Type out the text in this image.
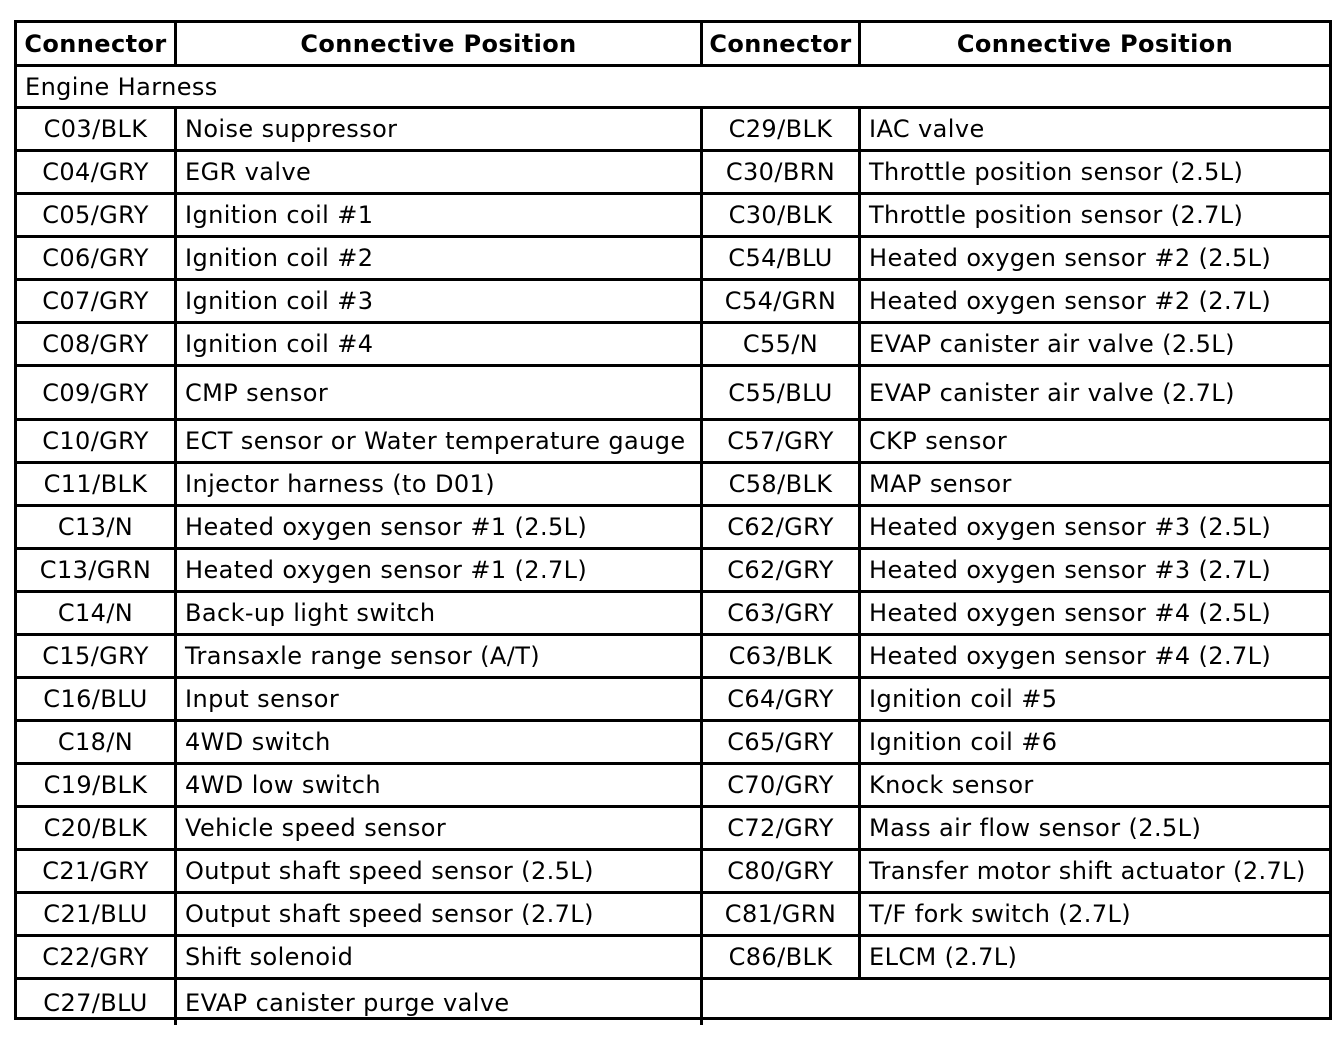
Connector	Connective Position	Connector	Connective Position
Engine Harness
C03/BLK	Noise suppressor	C29/BLK	IAC valve
C04/GRY	EGR valve	C30/BRN	Throttle position sensor (2.5L)
C05/GRY	Ignition coil #1	C30/BLK	Throttle position sensor (2.7L)
C06/GRY	Ignition coil #2	C54/BLU	Heated oxygen sensor #2 (2.5L)
C07/GRY	Ignition coil #3	C54/GRN	Heated oxygen sensor #2 (2.7L)
C08/GRY	Ignition coil #4	C55/N	EVAP canister air valve (2.5L)
C09/GRY	CMP sensor	C55/BLU	EVAP canister air valve (2.7L)
C10/GRY	ECT sensor or Water temperature gauge	C57/GRY	CKP sensor
C11/BLK	Injector harness (to D01)	C58/BLK	MAP sensor
C13/N	Heated oxygen sensor #1 (2.5L)	C62/GRY	Heated oxygen sensor #3 (2.5L)
C13/GRN	Heated oxygen sensor #1 (2.7L)	C62/GRY	Heated oxygen sensor #3 (2.7L)
C14/N	Back-up light switch	C63/GRY	Heated oxygen sensor #4 (2.5L)
C15/GRY	Transaxle range sensor (A/T)	C63/BLK	Heated oxygen sensor #4 (2.7L)
C16/BLU	Input sensor	C64/GRY	Ignition coil #5
C18/N	4WD switch	C65/GRY	Ignition coil #6
C19/BLK	4WD low switch	C70/GRY	Knock sensor
C20/BLK	Vehicle speed sensor	C72/GRY	Mass air flow sensor (2.5L)
C21/GRY	Output shaft speed sensor (2.5L)	C80/GRY	Transfer motor shift actuator (2.7L)
C21/BLU	Output shaft speed sensor (2.7L)	C81/GRN	T/F fork switch (2.7L)
C22/GRY	Shift solenoid	C86/BLK	ELCM (2.7L)
C27/BLU	EVAP canister purge valve
